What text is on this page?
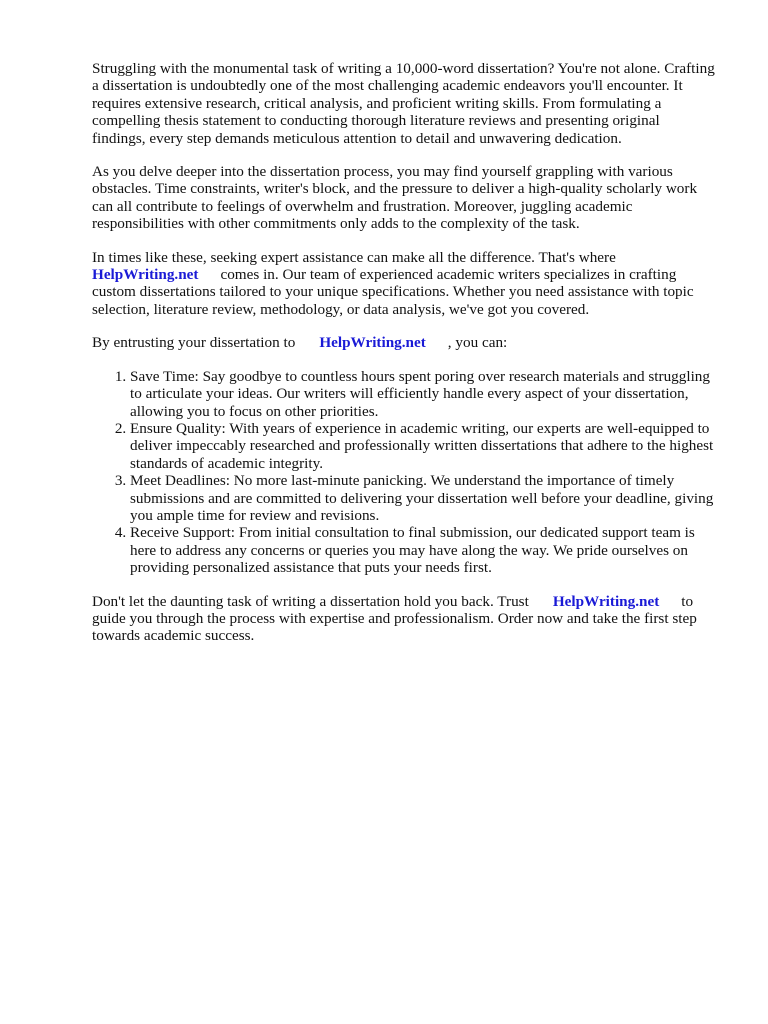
Struggling with the monumental task of writing a 10,000-word dissertation? You're not alone. Crafting a dissertation is undoubtedly one of the most challenging academic endeavors you'll encounter. It requires extensive research, critical analysis, and proficient writing skills. From formulating a compelling thesis statement to conducting thorough literature reviews and presenting original findings, every step demands meticulous attention to detail and unwavering dedication.

As you delve deeper into the dissertation process, you may find yourself grappling with various obstacles. Time constraints, writer's block, and the pressure to deliver a high-quality scholarly work can all contribute to feelings of overwhelm and frustration. Moreover, juggling academic responsibilities with other commitments only adds to the complexity of the task.

In times like these, seeking expert assistance can make all the difference. That's where
HelpWriting.net comes in. Our team of experienced academic writers specializes in crafting custom dissertations tailored to your unique specifications. Whether you need assistance with topic selection, literature review, methodology, or data analysis, we've got you covered.

By entrusting your dissertation to HelpWriting.net , you can:

1. Save Time: Say goodbye to countless hours spent poring over research materials and struggling to articulate your ideas. Our writers will efficiently handle every aspect of your dissertation, allowing you to focus on other priorities.
2. Ensure Quality: With years of experience in academic writing, our experts are well-equipped to deliver impeccably researched and professionally written dissertations that adhere to the highest standards of academic integrity.
3. Meet Deadlines: No more last-minute panicking. We understand the importance of timely submissions and are committed to delivering your dissertation well before your deadline, giving you ample time for review and revisions.
4. Receive Support: From initial consultation to final submission, our dedicated support team is here to address any concerns or queries you may have along the way. We pride ourselves on providing personalized assistance that puts your needs first.

Don't let the daunting task of writing a dissertation hold you back. Trust HelpWriting.net to guide you through the process with expertise and professionalism. Order now and take the first step towards academic success.
